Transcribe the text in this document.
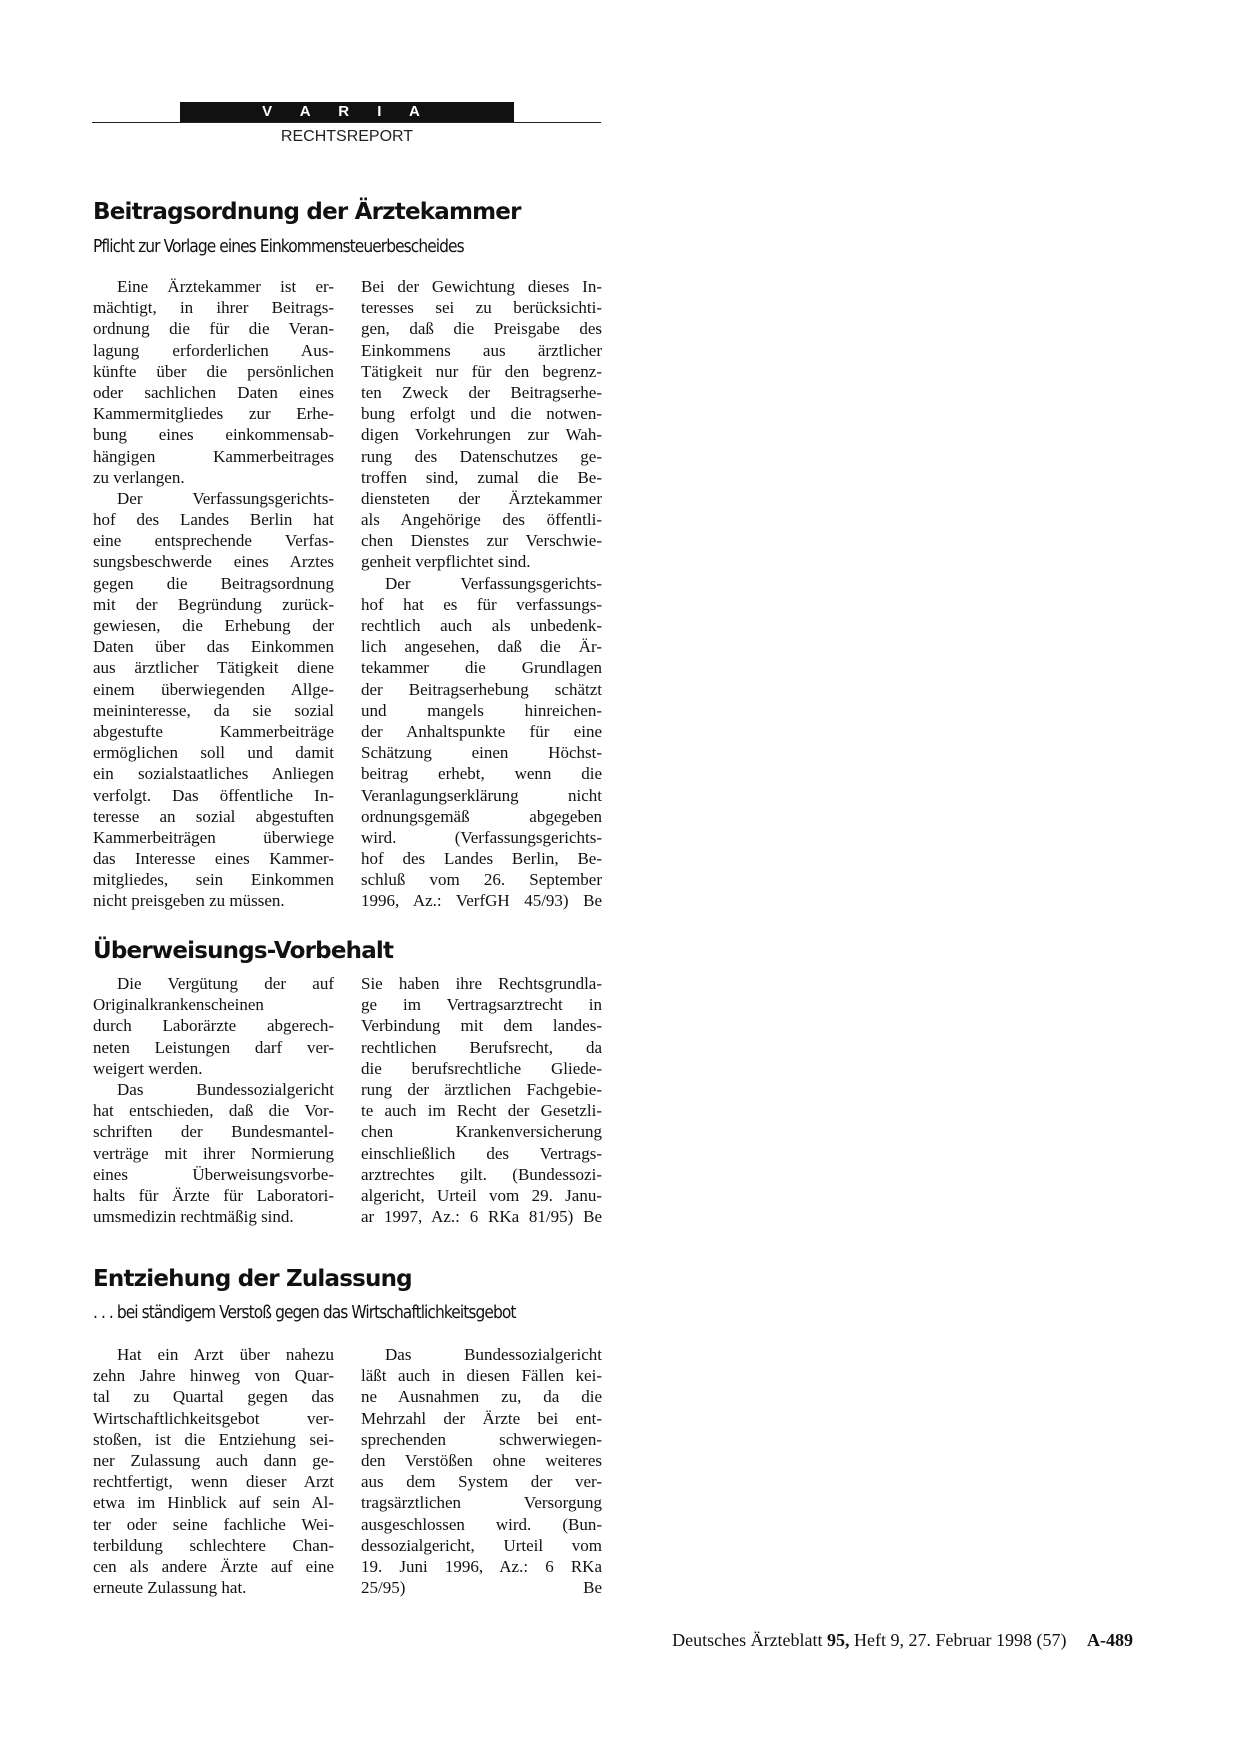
V A R I A
RECHTSREPORT
Beitragsordnung der Ärztekammer
Pflicht zur Vorlage eines Einkommensteuerbescheides
Eine Ärztekammer ist er-
mächtigt, in ihrer Beitrags-
ordnung die für die Veran-
lagung erforderlichen Aus-
künfte über die persönlichen
oder sachlichen Daten eines
Kammermitgliedes zur Erhe-
bung eines einkommensab-
hängigen Kammerbeitrages
zu verlangen.
Der Verfassungsgerichts-
hof des Landes Berlin hat
eine entsprechende Verfas-
sungsbeschwerde eines Arztes
gegen die Beitragsordnung
mit der Begründung zurück-
gewiesen, die Erhebung der
Daten über das Einkommen
aus ärztlicher Tätigkeit diene
einem überwiegenden Allge-
meininteresse, da sie sozial
abgestufte Kammerbeiträge
ermöglichen soll und damit
ein sozialstaatliches Anliegen
verfolgt. Das öffentliche In-
teresse an sozial abgestuften
Kammerbeiträgen überwiege
das Interesse eines Kammer-
mitgliedes, sein Einkommen
nicht preisgeben zu müssen.
Bei der Gewichtung dieses In-
teresses sei zu berücksichti-
gen, daß die Preisgabe des
Einkommens aus ärztlicher
Tätigkeit nur für den begrenz-
ten Zweck der Beitragserhe-
bung erfolgt und die notwen-
digen Vorkehrungen zur Wah-
rung des Datenschutzes ge-
troffen sind, zumal die Be-
diensteten der Ärztekammer
als Angehörige des öffentli-
chen Dienstes zur Verschwie-
genheit verpflichtet sind.
Der Verfassungsgerichts-
hof hat es für verfassungs-
rechtlich auch als unbedenk-
lich angesehen, daß die Är-
tekammer die Grundlagen
der Beitragserhebung schätzt
und mangels hinreichen-
der Anhaltspunkte für eine
Schätzung einen Höchst-
beitrag erhebt, wenn die
Veranlagungserklärung nicht
ordnungsgemäß abgegeben
wird. (Verfassungsgerichts-
hof des Landes Berlin, Be-
schluß vom 26. September
1996, Az.: VerfGH 45/93) Be
Überweisungs-Vorbehalt
Die Vergütung der auf
Originalkrankenscheinen
durch Laborärzte abgerech-
neten Leistungen darf ver-
weigert werden.
Das Bundessozialgericht
hat entschieden, daß die Vor-
schriften der Bundesmantel-
verträge mit ihrer Normierung
eines Überweisungsvorbe-
halts für Ärzte für Laboratori-
umsmedizin rechtmäßig sind.
Sie haben ihre Rechtsgrundla-
ge im Vertragsarztrecht in
Verbindung mit dem landes-
rechtlichen Berufsrecht, da
die berufsrechtliche Gliede-
rung der ärztlichen Fachgebie-
te auch im Recht der Gesetzli-
chen Krankenversicherung
einschließlich des Vertrags-
arztrechtes gilt. (Bundessozi-
algericht, Urteil vom 29. Janu-
ar 1997, Az.: 6 RKa 81/95) Be
Entziehung der Zulassung
. . . bei ständigem Verstoß gegen das Wirtschaftlichkeitsgebot
Hat ein Arzt über nahezu
zehn Jahre hinweg von Quar-
tal zu Quartal gegen das
Wirtschaftlichkeitsgebot ver-
stoßen, ist die Entziehung sei-
ner Zulassung auch dann ge-
rechtfertigt, wenn dieser Arzt
etwa im Hinblick auf sein Al-
ter oder seine fachliche Wei-
terbildung schlechtere Chan-
cen als andere Ärzte auf eine
erneute Zulassung hat.
Das Bundessozialgericht
läßt auch in diesen Fällen kei-
ne Ausnahmen zu, da die
Mehrzahl der Ärzte bei ent-
sprechenden schwerwiegen-
den Verstößen ohne weiteres
aus dem System der ver-
tragsärztlichen Versorgung
ausgeschlossen wird. (Bun-
dessozialgericht, Urteil vom
19. Juni 1996, Az.: 6 RKa
25/95) Be
Deutsches Ärzteblatt 95, Heft 9, 27. Februar 1998 (57) A-489
